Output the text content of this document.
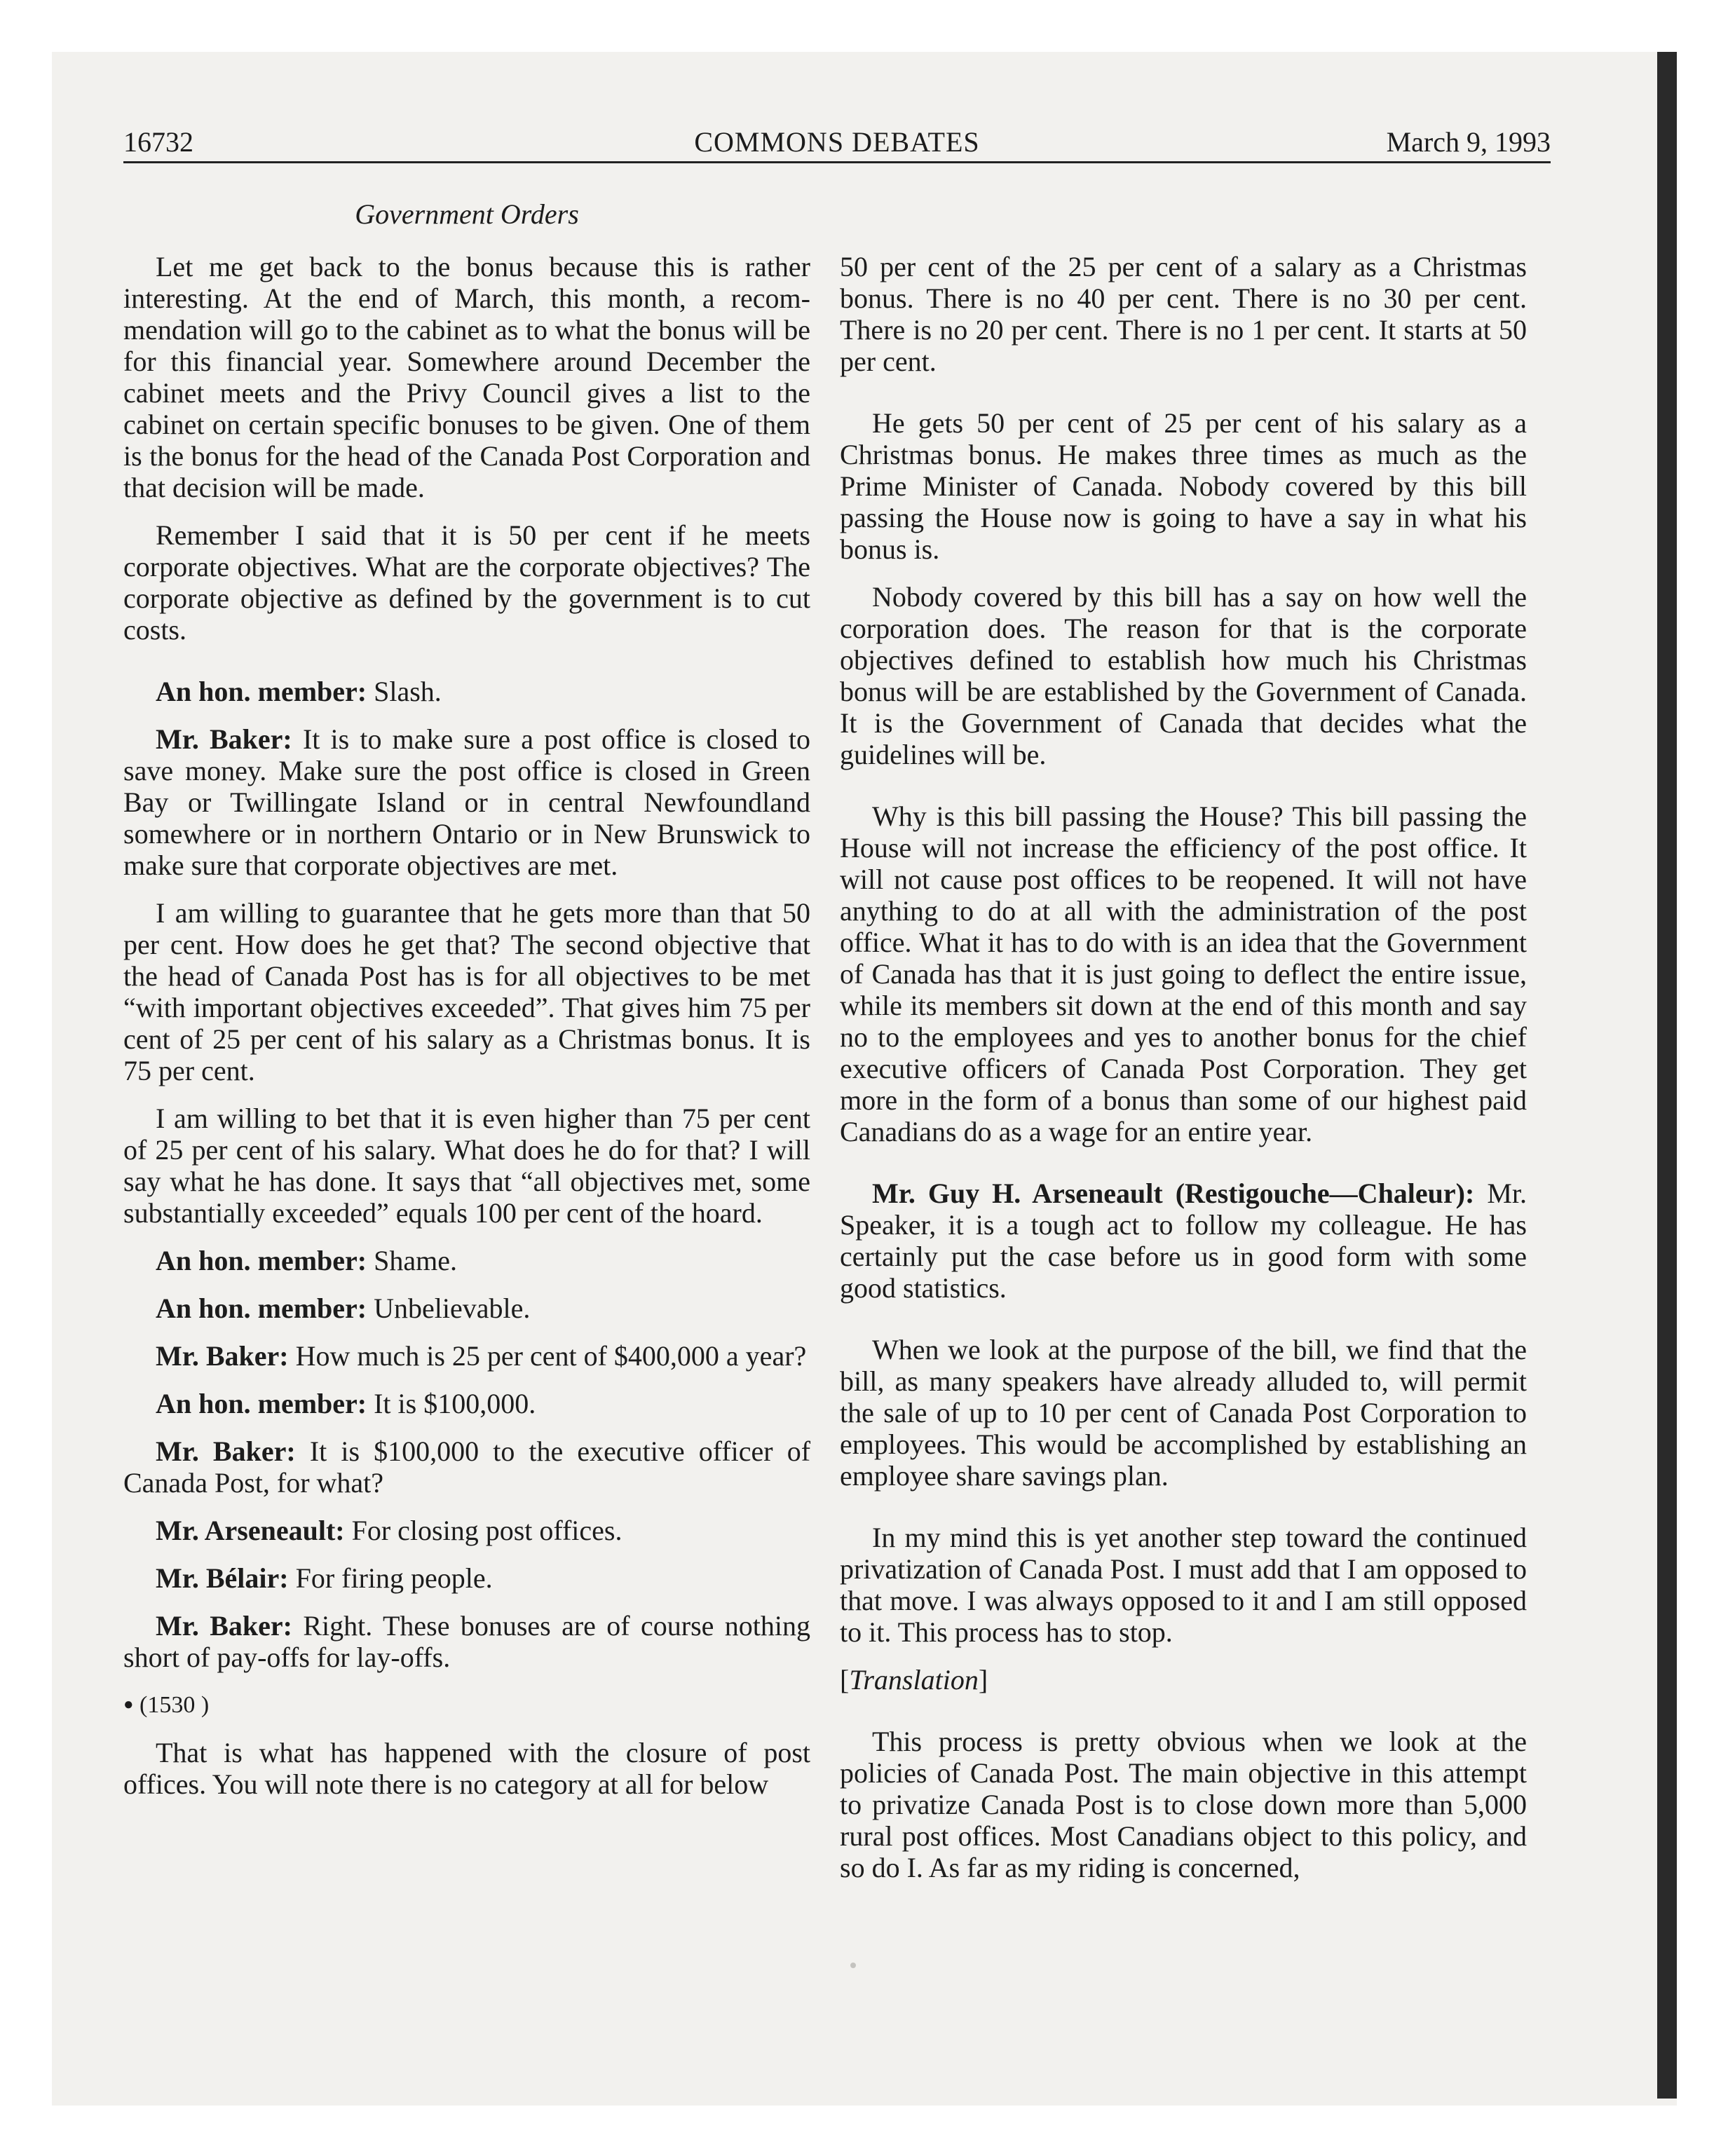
16732	COMMONS DEBATES	March 9, 1993
Government Orders

Let me get back to the bonus because this is rather interesting. At the end of March, this month, a recommendation will go to the cabinet as to what the bonus will be for this financial year. Somewhere around December the cabinet meets and the Privy Council gives a list to the cabinet on certain specific bonuses to be given. One of them is the bonus for the head of the Canada Post Corporation and that decision will be made.

Remember I said that it is 50 per cent if he meets corporate objectives. What are the corporate objectives? The corporate objective as defined by the government is to cut costs.

An hon. member: Slash.

Mr. Baker: It is to make sure a post office is closed to save money. Make sure the post office is closed in Green Bay or Twillingate Island or in central Newfoundland somewhere or in northern Ontario or in New Brunswick to make sure that corporate objectives are met.

I am willing to guarantee that he gets more than that 50 per cent. How does he get that? The second objective that the head of Canada Post has is for all objectives to be met “with important objectives exceeded”. That gives him 75 per cent of 25 per cent of his salary as a Christmas bonus. It is 75 per cent.

I am willing to bet that it is even higher than 75 per cent of 25 per cent of his salary. What does he do for that? I will say what he has done. It says that “all objectives met, some substantially exceeded” equals 100 per cent of the hoard.

An hon. member: Shame.

An hon. member: Unbelievable.

Mr. Baker: How much is 25 per cent of $400,000 a year?

An hon. member: It is $100,000.

Mr. Baker: It is $100,000 to the executive officer of Canada Post, for what?

Mr. Arseneault: For closing post offices.

Mr. Bélair: For firing people.

Mr. Baker: Right. These bonuses are of course nothing short of pay-offs for lay-offs.

● (1530 )

That is what has happened with the closure of post offices. You will note there is no category at all for below

50 per cent of the 25 per cent of a salary as a Christmas bonus. There is no 40 per cent. There is no 30 per cent. There is no 20 per cent. There is no 1 per cent. It starts at 50 per cent.

He gets 50 per cent of 25 per cent of his salary as a Christmas bonus. He makes three times as much as the Prime Minister of Canada. Nobody covered by this bill passing the House now is going to have a say in what his bonus is.

Nobody covered by this bill has a say on how well the corporation does. The reason for that is the corporate objectives defined to establish how much his Christmas bonus will be are established by the Government of Canada. It is the Government of Canada that decides what the guidelines will be.

Why is this bill passing the House? This bill passing the House will not increase the efficiency of the post office. It will not cause post offices to be reopened. It will not have anything to do at all with the administration of the post office. What it has to do with is an idea that the Government of Canada has that it is just going to deflect the entire issue, while its members sit down at the end of this month and say no to the employees and yes to another bonus for the chief executive officers of Canada Post Corporation. They get more in the form of a bonus than some of our highest paid Canadians do as a wage for an entire year.

Mr. Guy H. Arseneault (Restigouche—Chaleur): Mr. Speaker, it is a tough act to follow my colleague. He has certainly put the case before us in good form with some good statistics.

When we look at the purpose of the bill, we find that the bill, as many speakers have already alluded to, will permit the sale of up to 10 per cent of Canada Post Corporation to employees. This would be accomplished by establishing an employee share savings plan.

In my mind this is yet another step toward the continued privatization of Canada Post. I must add that I am opposed to that move. I was always opposed to it and I am still opposed to it. This process has to stop.

[Translation]

This process is pretty obvious when we look at the policies of Canada Post. The main objective in this attempt to privatize Canada Post is to close down more than 5,000 rural post offices. Most Canadians object to this policy, and so do I. As far as my riding is concerned,
